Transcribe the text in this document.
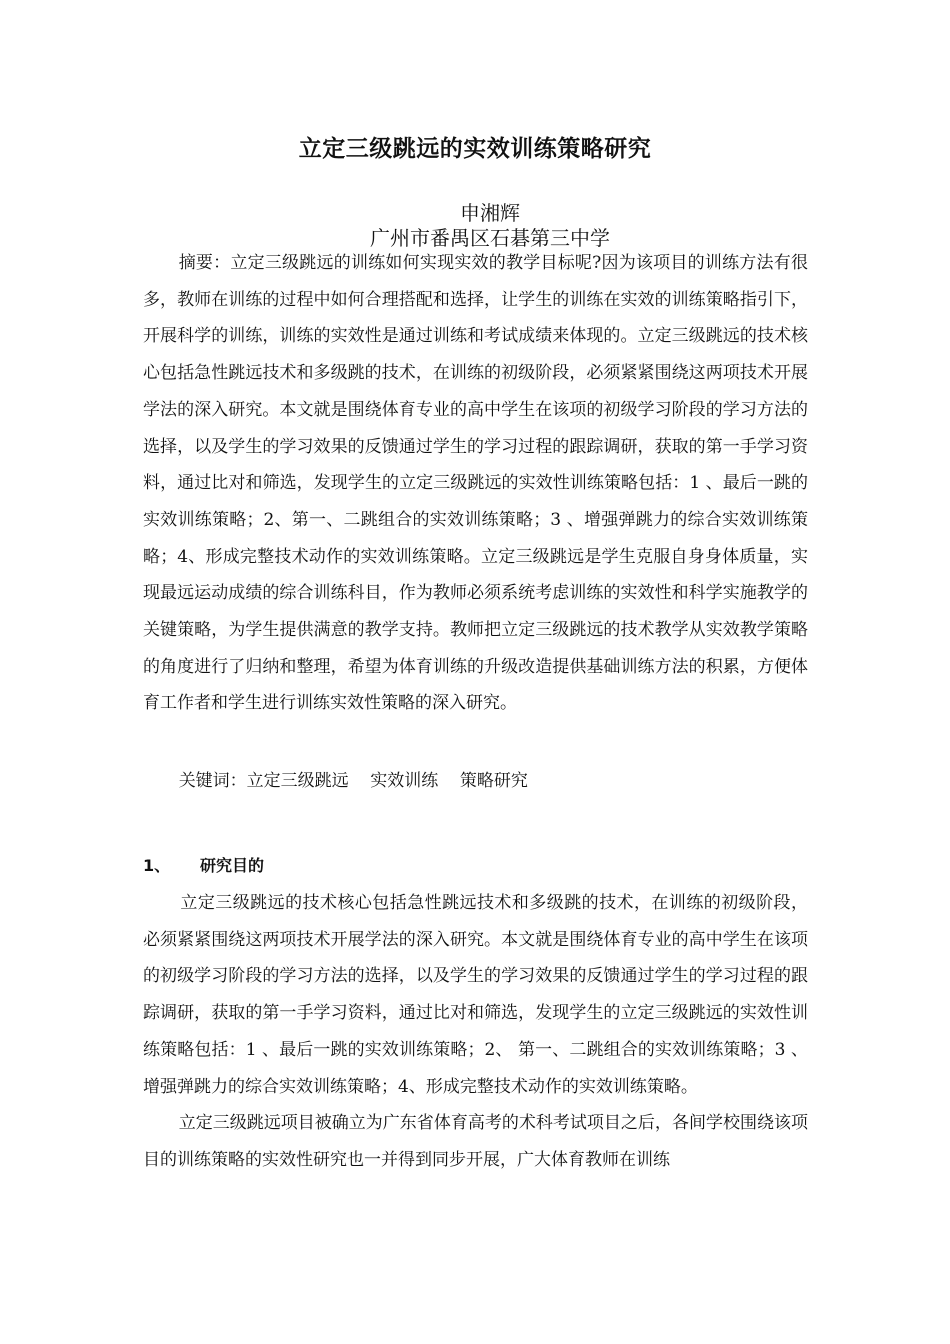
立定三级跳远的实效训练策略研究
申湘辉
广州市番禺区石碁第三中学

摘要：立定三级跳远的训练如何实现实效的教学目标呢?因为该项目的训练方法有很多，教师在训练的过程中如何合理搭配和选择，让学生的训练在实效的训练策略指引下，开展科学的训练，训练的实效性是通过训练和考试成绩来体现的。立定三级跳远的技术核心包括急性跳远技术和多级跳的技术，在训练的初级阶段，必须紧紧围绕这两项技术开展学法的深入研究。本文就是围绕体育专业的高中学生在该项的初级学习阶段的学习方法的选择，以及学生的学习效果的反馈通过学生的学习过程的跟踪调研，获取的第一手学习资料，通过比对和筛选，发现学生的立定三级跳远的实效性训练策略包括：1 、最后一跳的实效训练策略；2、第一、二跳组合的实效训练策略；3 、增强弹跳力的综合实效训练策略；4、形成完整技术动作的实效训练策略。立定三级跳远是学生克服自身身体质量，实现最远运动成绩的综合训练科目，作为教师必须系统考虑训练的实效性和科学实施教学的关键策略，为学生提供满意的教学支持。教师把立定三级跳远的技术教学从实效教学策略的角度进行了归纳和整理，希望为体育训练的升级改造提供基础训练方法的积累，方便体育工作者和学生进行训练实效性策略的深入研究。

关键词：立定三级跳远    实效训练    策略研究

1、 研究目的

立定三级跳远的技术核心包括急性跳远技术和多级跳的技术，在训练的初级阶段，必须紧紧围绕这两项技术开展学法的深入研究。本文就是围绕体育专业的高中学生在该项的初级学习阶段的学习方法的选择，以及学生的学习效果的反馈通过学生的学习过程的跟踪调研，获取的第一手学习资料，通过比对和筛选，发现学生的立定三级跳远的实效性训练策略包括：1 、最后一跳的实效训练策略；2、 第一、二跳组合的实效训练策略；3 、增强弹跳力的综合实效训练策略；4、形成完整技术动作的实效训练策略。

立定三级跳远项目被确立为广东省体育高考的术科考试项目之后，各间学校围绕该项目的训练策略的实效性研究也一并得到同步开展，广大体育教师在训练
